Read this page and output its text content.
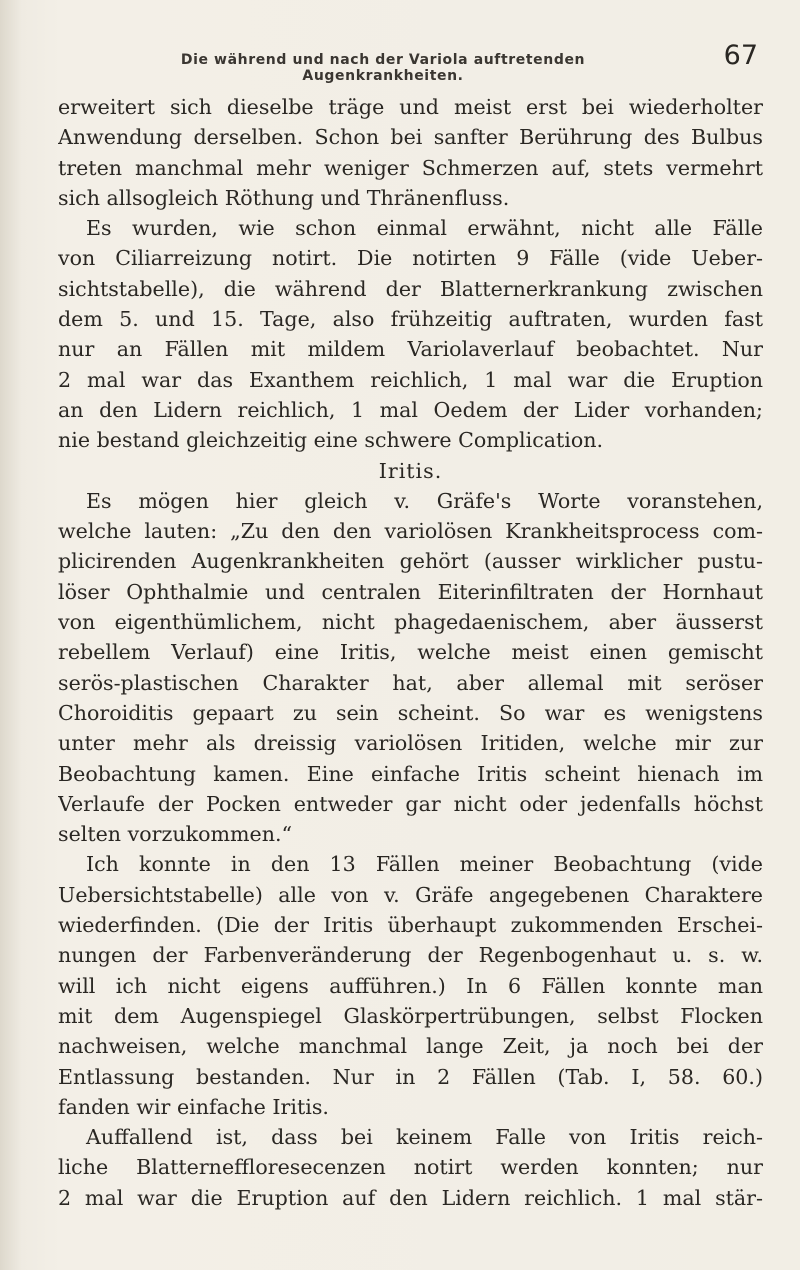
Die während und nach der Variola auftretenden Augenkrankheiten.
67
erweitert sich dieselbe träge und meist erst bei wiederholter
Anwendung derselben. Schon bei sanfter Berührung des Bulbus
treten manchmal mehr weniger Schmerzen auf, stets vermehrt
sich allsogleich Röthung und Thränenfluss.
Es wurden, wie schon einmal erwähnt, nicht alle Fälle
von Ciliarreizung notirt. Die notirten 9 Fälle (vide Ueber-
sichtstabelle), die während der Blatternerkrankung zwischen
dem 5. und 15. Tage, also frühzeitig auftraten, wurden fast
nur an Fällen mit mildem Variolaverlauf beobachtet. Nur
2 mal war das Exanthem reichlich, 1 mal war die Eruption
an den Lidern reichlich, 1 mal Oedem der Lider vorhanden;
nie bestand gleichzeitig eine schwere Complication.
Iritis.
Es mögen hier gleich v. Gräfe's Worte voranstehen,
welche lauten: „Zu den den variolösen Krankheitsprocess com-
plicirenden Augenkrankheiten gehört (ausser wirklicher pustu-
löser Ophthalmie und centralen Eiterinfiltraten der Hornhaut
von eigenthümlichem, nicht phagedaenischem, aber äusserst
rebellem Verlauf) eine Iritis, welche meist einen gemischt
serös-plastischen Charakter hat, aber allemal mit seröser
Choroiditis gepaart zu sein scheint. So war es wenigstens
unter mehr als dreissig variolösen Iritiden, welche mir zur
Beobachtung kamen. Eine einfache Iritis scheint hienach im
Verlaufe der Pocken entweder gar nicht oder jedenfalls höchst
selten vorzukommen.“
Ich konnte in den 13 Fällen meiner Beobachtung (vide
Uebersichtstabelle) alle von v. Gräfe angegebenen Charaktere
wiederfinden. (Die der Iritis überhaupt zukommenden Erschei-
nungen der Farbenveränderung der Regenbogenhaut u. s. w.
will ich nicht eigens aufführen.) In 6 Fällen konnte man
mit dem Augenspiegel Glaskörpertrübungen, selbst Flocken
nachweisen, welche manchmal lange Zeit, ja noch bei der
Entlassung bestanden. Nur in 2 Fällen (Tab. I, 58. 60.)
fanden wir einfache Iritis.
Auffallend ist, dass bei keinem Falle von Iritis reich-
liche Blatterneffloresecenzen notirt werden konnten; nur
2 mal war die Eruption auf den Lidern reichlich. 1 mal stär-
